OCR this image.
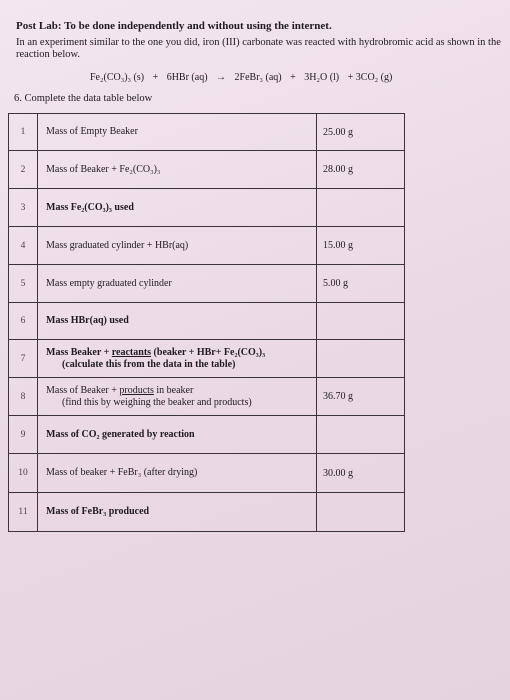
Post Lab: To be done independently and without using the internet.
In an experiment similar to the one you did, iron (III) carbonate was reacted with hydrobromic acid as shown in the reaction below.
Fe₂(CO₃)₃ (s) + 6HBr (aq) → 2FeBr₃ (aq) + 3H₂O (l) + 3CO₂ (g)
6. Complete the data table below
1	Mass of Empty Beaker	25.00 g
2	Mass of Beaker + Fe₂(CO₃)₃	28.00 g
3	Mass Fe₂(CO₃)₃ used	
4	Mass graduated cylinder + HBr(aq)	15.00 g
5	Mass empty graduated cylinder	5.00 g
6	Mass HBr(aq) used	
7	Mass Beaker + reactants (beaker + HBr+ Fe₂(CO₃)₃
(calculate this from the data in the table)	

8	Mass of Beaker + products in beaker
(find this by weighing the beaker and products)	36.70 g
9	Mass of CO₂ generated by reaction	
10	Mass of beaker + FeBr₃ (after drying)	30.00 g
11	Mass of FeBr₃ produced	
